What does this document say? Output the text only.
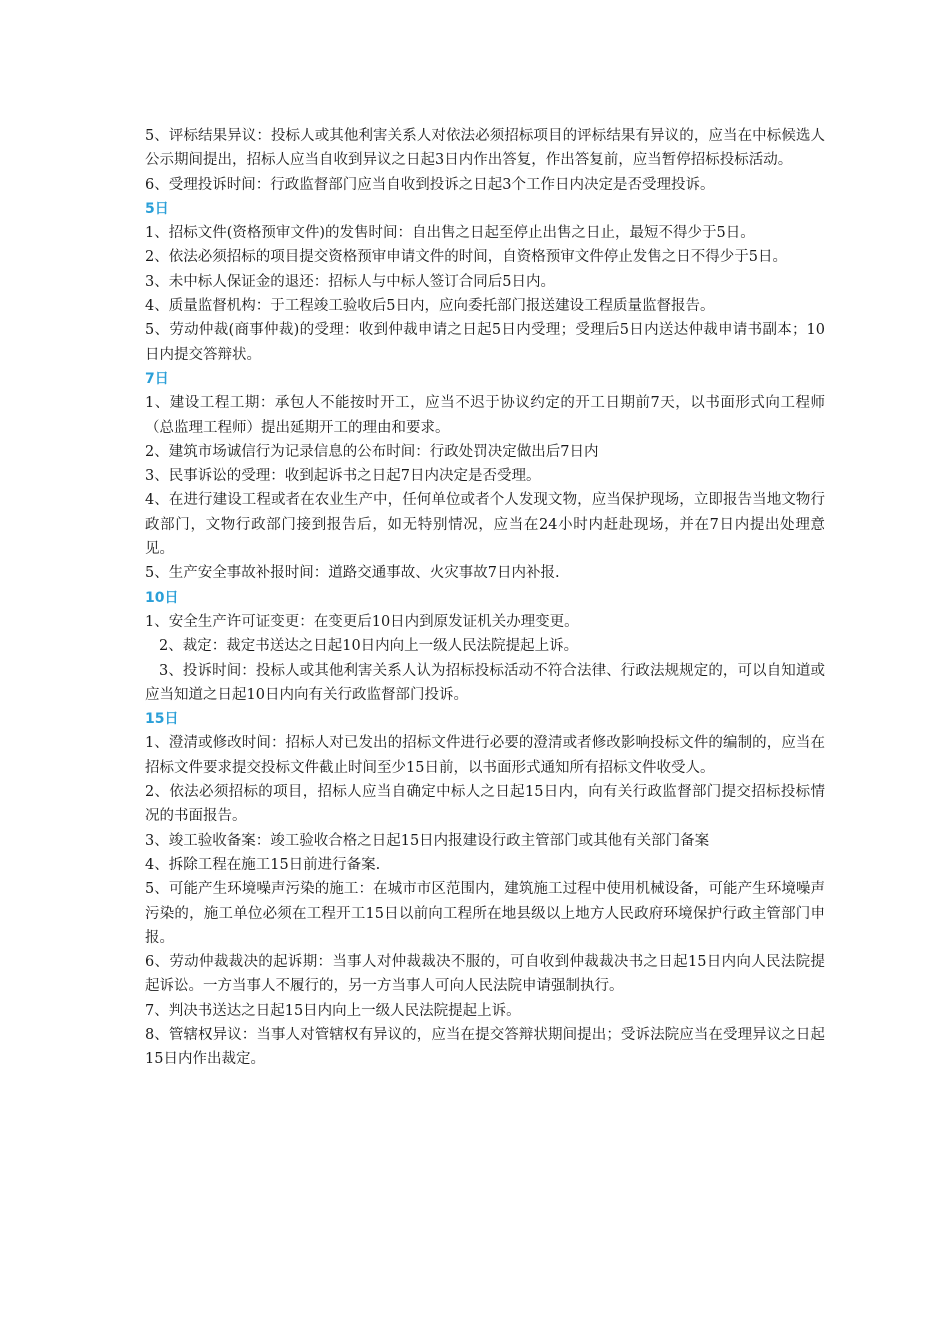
5、评标结果异议：投标人或其他利害关系人对依法必须招标项目的评标结果有异议的，应当在中标候选人公示期间提出，招标人应当自收到异议之日起3日内作出答复，作出答复前，应当暂停招标投标活动。

6、受理投诉时间：行政监督部门应当自收到投诉之日起3个工作日内决定是否受理投诉。

5日

1、招标文件(资格预审文件)的发售时间：自出售之日起至停止出售之日止，最短不得少于5日。

2、依法必须招标的项目提交资格预审申请文件的时间，自资格预审文件停止发售之日不得少于5日。

3、未中标人保证金的退还：招标人与中标人签订合同后5日内。

4、质量监督机构：于工程竣工验收后5日内，应向委托部门报送建设工程质量监督报告。

5、劳动仲裁(商事仲裁)的受理：收到仲裁申请之日起5日内受理；受理后5日内送达仲裁申请书副本；10日内提交答辩状。

7日

1、建设工程工期：承包人不能按时开工，应当不迟于协议约定的开工日期前7天，以书面形式向工程师（总监理工程师）提出延期开工的理由和要求。

2、建筑市场诚信行为记录信息的公布时间：行政处罚决定做出后7日内

3、民事诉讼的受理：收到起诉书之日起7日内决定是否受理。

4、在进行建设工程或者在农业生产中，任何单位或者个人发现文物，应当保护现场，立即报告当地文物行政部门，文物行政部门接到报告后，如无特别情况，应当在24小时内赶赴现场，并在7日内提出处理意见。

5、生产安全事故补报时间：道路交通事故、火灾事故7日内补报.

10日

1、安全生产许可证变更：在变更后10日内到原发证机关办理变更。

2、裁定：裁定书送达之日起10日内向上一级人民法院提起上诉。

3、投诉时间：投标人或其他利害关系人认为招标投标活动不符合法律、行政法规规定的，可以自知道或应当知道之日起10日内向有关行政监督部门投诉。

15日

1、澄清或修改时间：招标人对已发出的招标文件进行必要的澄清或者修改影响投标文件的编制的，应当在招标文件要求提交投标文件截止时间至少15日前，以书面形式通知所有招标文件收受人。

2、依法必须招标的项目，招标人应当自确定中标人之日起15日内，向有关行政监督部门提交招标投标情况的书面报告。

3、竣工验收备案：竣工验收合格之日起15日内报建设行政主管部门或其他有关部门备案

4、拆除工程在施工15日前进行备案.

5、可能产生环境噪声污染的施工：在城市市区范围内，建筑施工过程中使用机械设备，可能产生环境噪声污染的，施工单位必须在工程开工15日以前向工程所在地县级以上地方人民政府环境保护行政主管部门申报。

6、劳动仲裁裁决的起诉期：当事人对仲裁裁决不服的，可自收到仲裁裁决书之日起15日内向人民法院提起诉讼。一方当事人不履行的，另一方当事人可向人民法院申请强制执行。

7、判决书送达之日起15日内向上一级人民法院提起上诉。

8、管辖权异议：当事人对管辖权有异议的，应当在提交答辩状期间提出；受诉法院应当在受理异议之日起15日内作出裁定。
